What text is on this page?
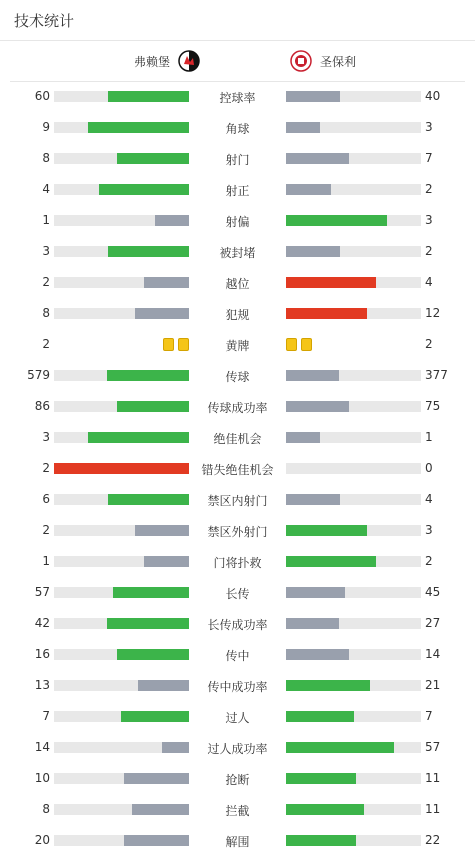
技术统计
弗赖堡	圣保利
60	控球率	40
9	角球	3
8	射门	7
4	射正	2
1	射偏	3
3	被封堵	2
2	越位	4
8	犯规	12
2	黄牌	2
579	传球	377
86	传球成功率	75
3	绝佳机会	1
2	错失绝佳机会	0
6	禁区内射门	4
2	禁区外射门	3
1	门将扑救	2
57	长传	45
42	长传成功率	27
16	传中	14
13	传中成功率	21
7	过人	7
14	过人成功率	57
10	抢断	11
8	拦截	11
20	解围	22
